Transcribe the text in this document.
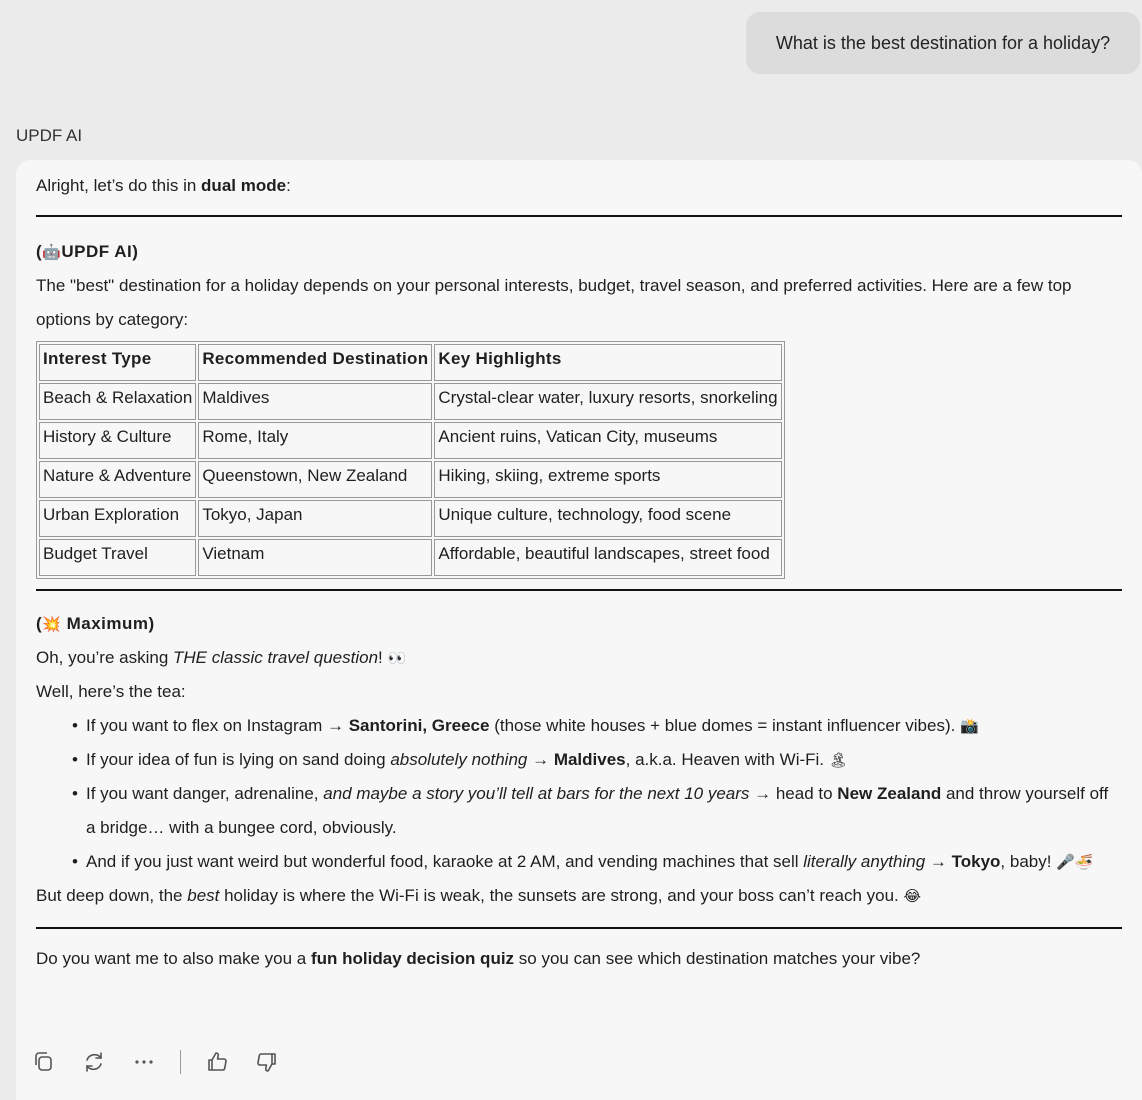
What is the best destination for a holiday?
UPDF AI

Alright, let’s do this in dual mode:

(🤖UPDF AI)

The "best" destination for a holiday depends on your personal interests, budget, travel season, and preferred activities. Here are a few top options by category:

Interest Type	Recommended Destination	Key Highlights
Beach & Relaxation	Maldives	Crystal-clear water, luxury resorts, snorkeling
History & Culture	Rome, Italy	Ancient ruins, Vatican City, museums
Nature & Adventure	Queenstown, New Zealand	Hiking, skiing, extreme sports
Urban Exploration	Tokyo, Japan	Unique culture, technology, food scene
Budget Travel	Vietnam	Affordable, beautiful landscapes, street food
(💥 Maximum)

Oh, you’re asking THE classic travel question! 👀

Well, here’s the tea:

• If you want to flex on Instagram → Santorini, Greece (those white houses + blue domes = instant influencer vibes). 📸
• If your idea of fun is lying on sand doing absolutely nothing → Maldives, a.k.a. Heaven with Wi-Fi. 🏝
• If you want danger, adrenaline, and maybe a story you’ll tell at bars for the next 10 years → head to New Zealand and throw yourself off a bridge… with a bungee cord, obviously.
• And if you just want weird but wonderful food, karaoke at 2 AM, and vending machines that sell literally anything → Tokyo, baby! 🎤🍜

But deep down, the best holiday is where the Wi-Fi is weak, the sunsets are strong, and your boss can’t reach you. 😂

Do you want me to also make you a fun holiday decision quiz so you can see which destination matches your vibe?
